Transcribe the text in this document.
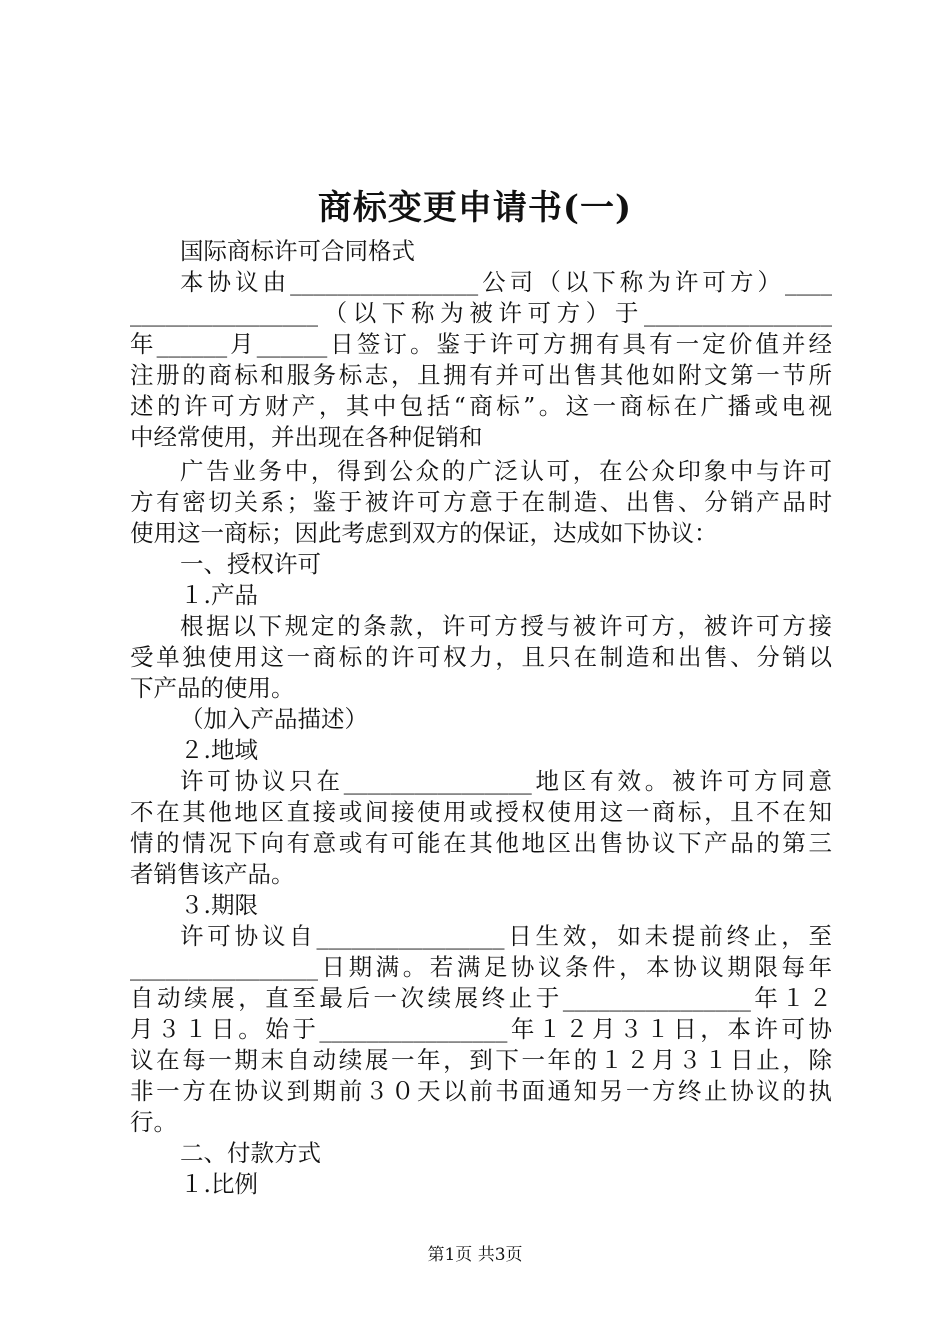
商标变更申请书(一)
国际商标许可合同格式
本协议由________________公司（以下称为许可方）____
________________（以下称为被许可方）于________________
年______月______日签订。鉴于许可方拥有具有一定价值并经
注册的商标和服务标志，且拥有并可出售其他如附文第一节所
述的许可方财产，其中包括“商标”。这一商标在广播或电视
中经常使用，并出现在各种促销和
广告业务中，得到公众的广泛认可，在公众印象中与许可
方有密切关系；鉴于被许可方意于在制造、出售、分销产品时
使用这一商标；因此考虑到双方的保证，达成如下协议：
一、授权许可
１.产品
根据以下规定的条款，许可方授与被许可方，被许可方接
受单独使用这一商标的许可权力，且只在制造和出售、分销以
下产品的使用。
（加入产品描述）
２.地域
许可协议只在________________地区有效。被许可方同意
不在其他地区直接或间接使用或授权使用这一商标，且不在知
情的情况下向有意或有可能在其他地区出售协议下产品的第三
者销售该产品。
３.期限
许可协议自________________日生效，如未提前终止，至
________________日期满。若满足协议条件，本协议期限每年
自动续展，直至最后一次续展终止于________________年１２
月３１日。始于________________年１２月３１日，本许可协
议在每一期末自动续展一年，到下一年的１２月３１日止，除
非一方在协议到期前３０天以前书面通知另一方终止协议的执
行。
二、付款方式
１.比例
第1页 共3页
